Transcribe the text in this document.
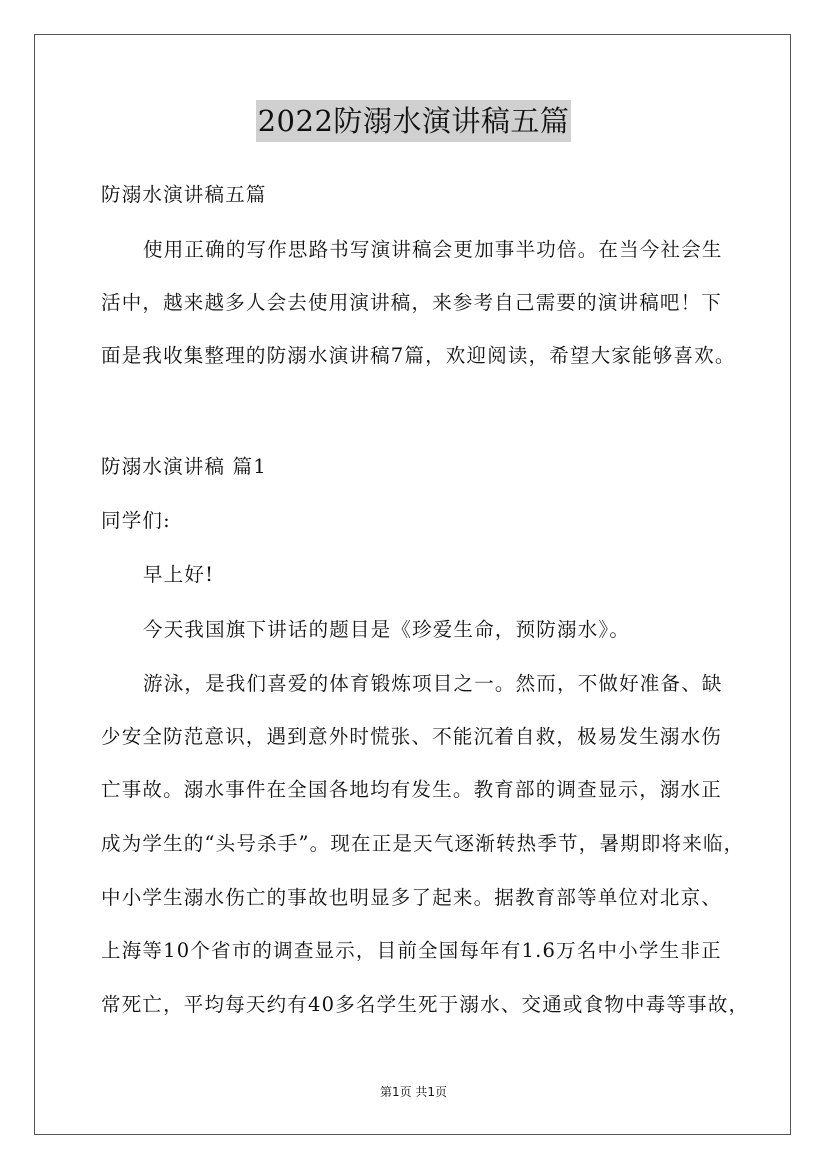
2022防溺水演讲稿五篇
防溺水演讲稿五篇
使用正确的写作思路书写演讲稿会更加事半功倍。在当今社会生
活中，越来越多人会去使用演讲稿，来参考自己需要的演讲稿吧！下
面是我收集整理的防溺水演讲稿7篇，欢迎阅读，希望大家能够喜欢。
防溺水演讲稿 篇1
同学们:
早上好!
今天我国旗下讲话的题目是《珍爱生命，预防溺水》。
游泳，是我们喜爱的体育锻炼项目之一。然而，不做好准备、缺
少安全防范意识，遇到意外时慌张、不能沉着自救，极易发生溺水伤
亡事故。溺水事件在全国各地均有发生。教育部的调查显示，溺水正
成为学生的“头号杀手”。现在正是天气逐渐转热季节，暑期即将来临，
中小学生溺水伤亡的事故也明显多了起来。据教育部等单位对北京、
上海等10个省市的调查显示，目前全国每年有1.6万名中小学生非正
常死亡，平均每天约有40多名学生死于溺水、交通或食物中毒等事故，
第1页 共1页
